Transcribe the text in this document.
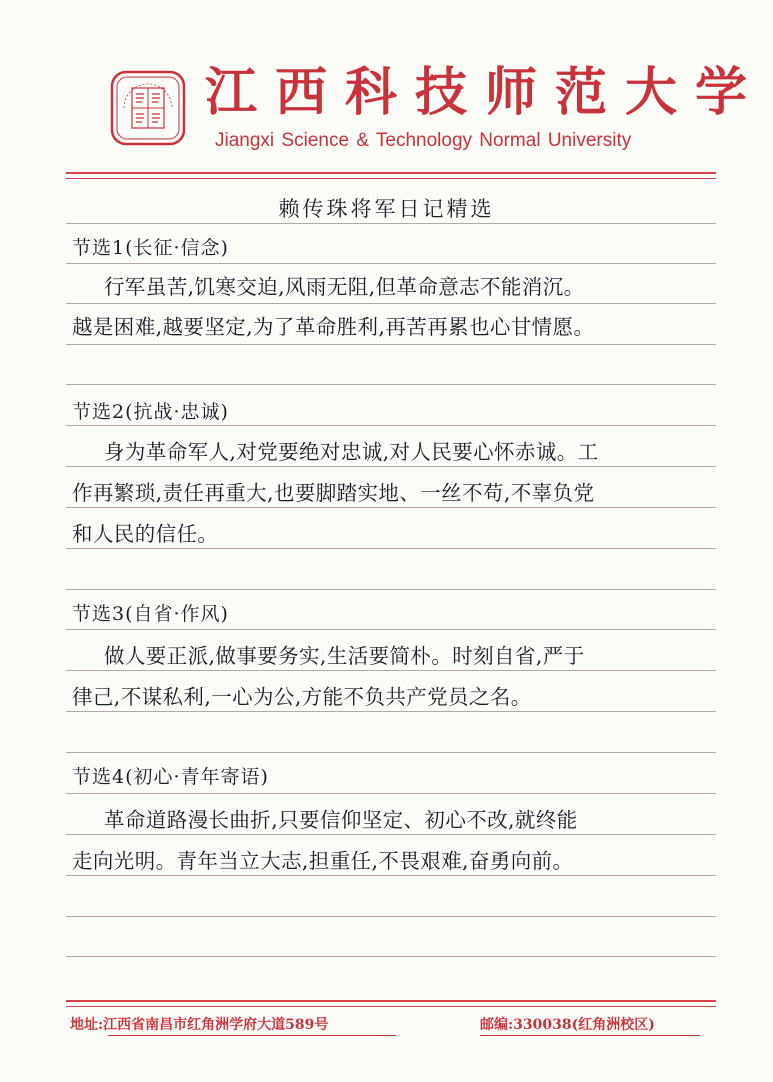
江西科技师范大学
Jiangxi Science & Technology Normal University
赖传珠将军日记精选
节选1(长征·信念)
行军虽苦,饥寒交迫,风雨无阻,但革命意志不能消沉。
越是困难,越要坚定,为了革命胜利,再苦再累也心甘情愿。
节选2(抗战·忠诚)
身为革命军人,对党要绝对忠诚,对人民要心怀赤诚。工
作再繁琐,责任再重大,也要脚踏实地、一丝不苟,不辜负党
和人民的信任。
节选3(自省·作风)
做人要正派,做事要务实,生活要简朴。时刻自省,严于
律己,不谋私利,一心为公,方能不负共产党员之名。
节选4(初心·青年寄语)
革命道路漫长曲折,只要信仰坚定、初心不改,就终能
走向光明。青年当立大志,担重任,不畏艰难,奋勇向前。
地址:江西省南昌市红角洲学府大道589号	邮编:330038(红角洲校区)
